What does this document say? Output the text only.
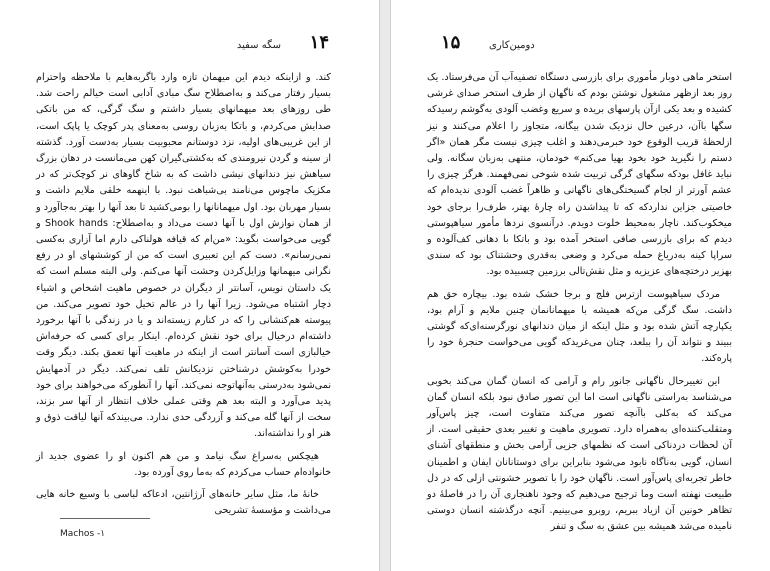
۱۴
سگه سفید

کند. و ازاینکه دیدم این میهمان تازه وارد باگربه‌هایم با ملاحظه واحترام بسیار رفتار می‌کند و به‌اصطلاح سگ مبادی آدابی است خیالم راحت شد. طی روزهای بعد میهمانهای بسیار داشتم و سگ گرگی، که من باتکی صدایش می‌کردم، و باتکا به‌زبان روسی به‌معنای پدر کوچک یا پاپک است، از این غریبی‌های اولیه، نزد دوستانم محبوبیت بسیار به‌دست آورد. گذشته از سینه و گردن نیرومندی که به‌کشتی‌گیران کهن می‌مانست در دهان بزرگ سیاهش نیز دندانهای نیشی داشت که به شاخ گاوهای نر کوچک‌تر که در مکزیک ماچوس می‌نامند بی‌شباهت نبود. با اینهمه خلقی ملایم داشت و بسیار مهربان بود. اول میهمانانها را بومی‌کشید تا بعد آنها را بهتر به‌جا‌آورد و از همان نوازش اول با آنها دست می‌داد و به‌اصطلاح: Shook hands و گویی می‌خواست بگوید: «من‌ام که قیافه‌ هولناکی دارم اما آزاری به‌کسی نمی‌رسانم». دست کم این تعبیری است که من از کوششهای او در رفع نگرانی میهمانها وزایل‌کردن وحشت آنها می‌کنم. ولی البته مسلم است که یک داستان نویس، آسانتر از دیگران در خصوص ماهیت اشخاص و اشیاء دچار اشتباه می‌شود. زیرا آنها را در عالم تخیل خود تصویر می‌کند. من پیوسته هم‌کنشانی را که در کنارم زیسته‌اند و یا در زندگی با آنها برخورد داشته‌ام درخیال برای خود نقش کرده‌ام. اینکار برای کسی که حرفه‌اش خیالبازی است آسانتر است از اینکه در ماهیت آنها تعمق بکند. دیگر وقت خودرا به‌کوشش درشناختن نزدیکانش تلف نمی‌کند. دیگر در آدمهایش نمی‌شود به‌درستی به‌آنهاتوجه نمی‌کند. آنها را آنطورکه می‌خواهند برای خود پدید می‌آورد و البته بعد هم وقتی عملی خلاف انتظار از آنها سر بزند، سخت از آنها گله می‌کند و آزردگی حدی ندارد. می‌بیندکه آنها لیاقت ذوق و هنر او را نداشته‌اند.

هیچکس به‌سراغ سگ نیامد و من هم اکنون او را عضوی جدید از خانواده‌ام حساب می‌کردم که به‌ما روی آورده بود.

خانهٔ ما، مثل سایر خانه‌های آرژانتین، ادعاکه لباسی با وسیع خانه هایی می‌داشت و مؤسسهٔ تشریحی

Machos -۱
۱۵	دومین‌کاری

استخر ماهی دوبار مأموری برای بازرسی دستگاه تصفیه‌آب آن می‌فرستاد. یک روز بعد ازظهر مشغول نوشتن بودم که ناگهان از طرف استخر صدای غرشی کشیده و بعد یکی ازآن پارسهای بریده و سریع وغضب آلودی به‌گوشم رسیدکه سگها باآن، درعین حال نزدیک شدن بیگانه، متجاوز را اعلام می‌کنند و نیز ازلحظهٔ قریب الوقوع خود خبرمی‌دهند و اغلب چیزی نیست مگر همان «اگر دستم را نگیرید خود بخود بهیا می‌کنم» خودمان، منتهی به‌زبان سگانه. ولی نباید غافل بودکه سگهای گرگی تربیت شده شوخی نمی‌فهمند. هرگز چیزی را عشم آورتر از لجام گسیختگی‌های ناگهانی و ظاهراً غضب آلودی ندیده‌ام که خاصیتی جزاین نداردکه که تا پیداشدن راه چارهٔ بهتر، طرف‌را برجای خود میخکوب‌کند. ناچار به‌محیط خلوت دویدم. درآنسوی نردها مأمور سیاهپوستی دیدم که برای بازرسی صافی استخر آمده بود و باتکا با دهانی کف‌آلوده و سراپا کینه به‌دریاغ حمله می‌کرد و وضعی به‌قدری وحشتناک بود که سندی بهزیر درختچه‌های عزیزیه و مثل نقش‌تالی برزمین چسبیده بود.

مردک سیاهپوست ازترس فلج و برجا خشک شده بود. بیچاره حق هم داشت. سگ گرگی من‌که همیشه با میهمانانمان چنین ملایم و آرام بود، یکپارچه آتش شده بود و مثل اینکه از میان دندانهای نورگرسنه‌ای‌که گوشتی ببیند و نتواند آن را ببلعد، چنان می‌غرید‌که گویی می‌خواست حنجرهٔ خود را پاره‌کند.

این تغییرحال ناگهانی جانور رام و آرامی که انسان گمان می‌کند بخوبی می‌شناسد به‌راستی ناگهانی است اما این تصور صادق نبود بلکه انسان گمان می‌کند که به‌کلی باآنچه تصور می‌کند متفاوت است، چیز پاس‌آور ومتقلب‌کننده‌ای به‌همراه دارد. تصویری ماهیت و تغییر بعدی حقیقی است. از آن لحظات دردناکی است که نظمهای جزیی آرامی بخش و منطقهای آشنای انسان، گویی به‌ناگاه نابود می‌شود بنابراین برای دوستانانان ایفان و اطمینان خاطر تجربه‌ای پاس‌آور است. ناگهان خود را با تصویر خشونتی ازلی که در دل طبیعت نهفته است وما ترجیح می‌دهیم که وجود ناهنجاری آن را در فاصلهٔ دو تظاهر خونین آن ازیاد ببریم، روبرو می‌بینیم. آنچه درگذشته انسان دوستی نامیده می‌شد همیشه بین عشق به سگ و تنفر
